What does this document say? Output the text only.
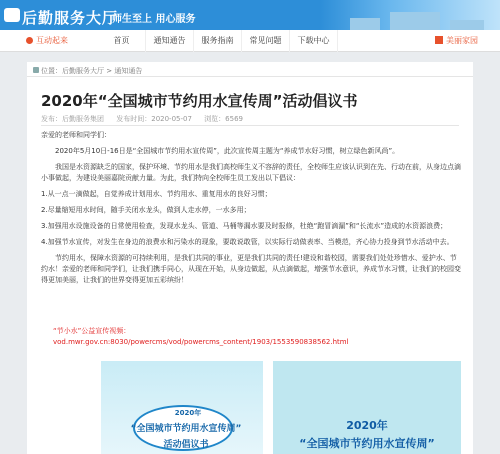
后勤服务大厅
师生至上 用心服务
互动起来	首页	通知通告	服务指南	常见问题	下载中心	美丽家园
位置：后勤服务大厅 > 通知通告
2020年“全国城市节约用水宣传周”活动倡议书
发布：后勤服务集团 发布时间：2020-05-07 浏览：6569

亲爱的老师和同学们：

2020年5月10日-16日是“全国城市节约用水宣传周”，此次宣传周主题为“养成节水好习惯，树立绿色新风尚”。

我国是水资源缺乏的国家，保护环境、节约用水是我们高校师生义不容辞的责任，全校师生应该认识到在先、行动在前，从身边点滴小事做起，为建设美丽嘉院贡献力量。为此，我们特向全校师生员工发出以下倡议：

1.从一点一滴做起，自觉养成计划用水、节约用水、重复用水的良好习惯；

2.尽量缩短用水时间，随手关闭水龙头，做到人走水停，一水多用；

3.加强用水设施设备的日常使用检查，发现水龙头、管道、马桶等漏水要及时报修，杜绝“跑冒滴漏”和“长流水”造成的水资源浪费；

4.加强节水宣传，对发生在身边的浪费水和污染水的现象，要敢说敢管，以实际行动做表率、当模范，齐心协力投身到节水活动中去。

节约用水，保障水资源的可持续利用，是我们共同的事业，更是我们共同的责任!建设和谐校园，需要我们处处珍惜水、爱护水、节约水！亲爱的老师和同学们，让我们携手同心，从现在开始，从身边做起，从点滴做起，增强节水意识，养成节水习惯，让我们的校园变得更加美丽，让我们的世界变得更加五彩缤纷！

“节小水”公益宣传视频：
vod.mwr.gov.cn:8030/powercms/vod/powercms_content/1903/1553590838562.html
2020年
“全国城市节约用水宣传周”
活动倡议书
2020年
“全国城市节约用水宣传周”
